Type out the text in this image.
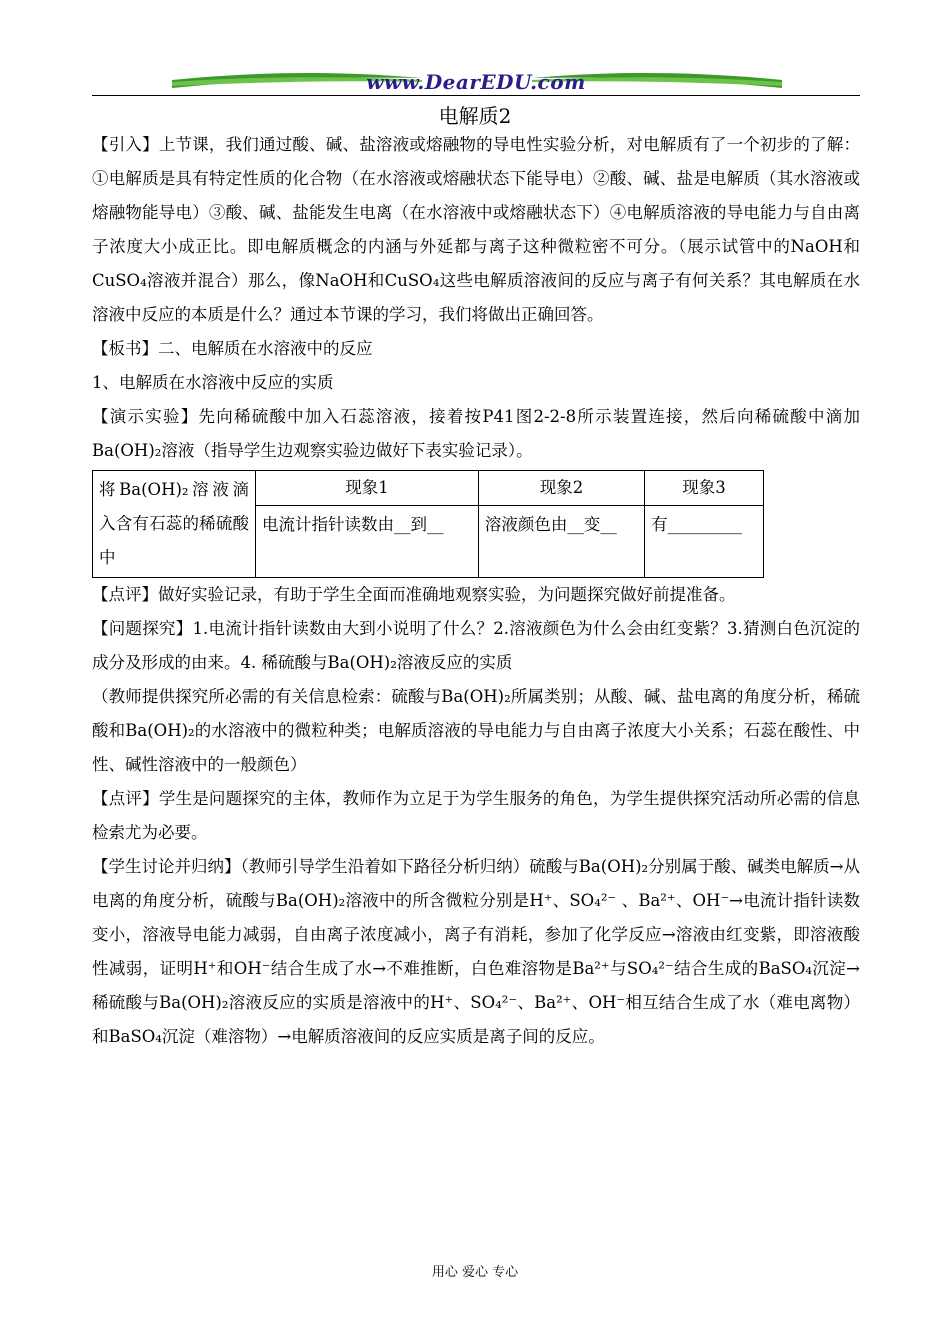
www.DearEDU.com
电解质2

【引入】上节课，我们通过酸、碱、盐溶液或熔融物的导电性实验分析，对电解质有了一个初步的了解：①电解质是具有特定性质的化合物（在水溶液或熔融状态下能导电）②酸、碱、盐是电解质（其水溶液或熔融物能导电）③酸、碱、盐能发生电离（在水溶液中或熔融状态下）④电解质溶液的导电能力与自由离子浓度大小成正比。即电解质概念的内涵与外延都与离子这种微粒密不可分。（展示试管中的NaOH和CuSO₄溶液并混合）那么，像NaOH和CuSO₄这些电解质溶液间的反应与离子有何关系？其电解质在水溶液中反应的本质是什么？通过本节课的学习，我们将做出正确回答。

【板书】二、电解质在水溶液中的反应

1、电解质在水溶液中反应的实质

【演示实验】先向稀硫酸中加入石蕊溶液，接着按P41图2-2-8所示装置连接，然后向稀硫酸中滴加Ba(OH)₂溶液（指导学生边观察实验边做好下表实验记录）。

将Ba(OH)₂溶液滴入含有石蕊的稀硫酸中	现象1	现象2	现象3
	电流计指针读数由__到__	溶液颜色由__变__	有_________

【点评】做好实验记录，有助于学生全面而准确地观察实验，为问题探究做好前提准备。

【问题探究】1.电流计指针读数由大到小说明了什么？2.溶液颜色为什么会由红变紫？3.猜测白色沉淀的成分及形成的由来。4. 稀硫酸与Ba(OH)₂溶液反应的实质

（教师提供探究所必需的有关信息检索：硫酸与Ba(OH)₂所属类别；从酸、碱、盐电离的角度分析，稀硫酸和Ba(OH)₂的水溶液中的微粒种类；电解质溶液的导电能力与自由离子浓度大小关系；石蕊在酸性、中性、碱性溶液中的一般颜色）

【点评】学生是问题探究的主体，教师作为立足于为学生服务的角色，为学生提供探究活动所必需的信息检索尤为必要。

【学生讨论并归纳】（教师引导学生沿着如下路径分析归纳）硫酸与Ba(OH)₂分别属于酸、碱类电解质→从电离的角度分析，硫酸与Ba(OH)₂溶液中的所含微粒分别是H⁺、SO₄²⁻ 、Ba²⁺、OH⁻→电流计指针读数变小，溶液导电能力减弱，自由离子浓度减小，离子有消耗，参加了化学反应→溶液由红变紫，即溶液酸性减弱，证明H⁺和OH⁻结合生成了水→不难推断，白色难溶物是Ba²⁺与SO₄²⁻结合生成的BaSO₄沉淀→稀硫酸与Ba(OH)₂溶液反应的实质是溶液中的H⁺、SO₄²⁻、Ba²⁺、OH⁻相互结合生成了水（难电离物）和BaSO₄沉淀（难溶物）→电解质溶液间的反应实质是离子间的反应。

用心 爱心 专心
